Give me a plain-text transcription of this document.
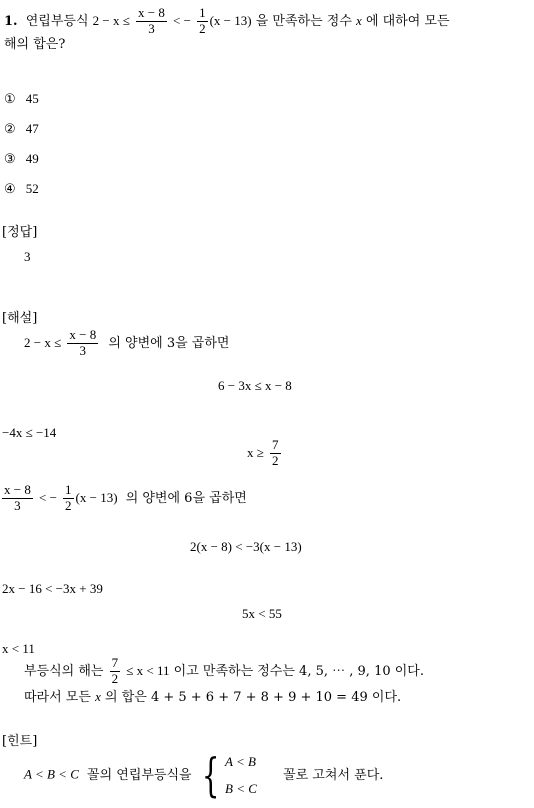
1. 연립부등식 $2 - x \le \frac{x - 8}{3}$ < − $\frac{1}{2} (x - 13)$ 을 만족하는 정수 x 에 대하여 모든
해의 합은?
① 45
② 47
③ 49
④ 52
[정답]
3
[해설]
$2 - x \le \frac{x - 8}{3}$ 의 양변에 3을 곱하면
6 − 3x ≤ x − 8
−4x ≤ −14
$x \ge \frac{7}{2}$
$\frac{x - 8}{3}$ < − $\frac{1}{2} (x - 13)$ 의 양변에 6을 곱하면
2(x − 8) < −3(x − 13)
2x − 16 < −3x + 39
5x < 55
x < 11
부등식의 해는 $\frac{7}{2} \le x < 11$ 이고 만족하는 정수는 4, 5, ⋯ , 9, 10 이다.
따라서 모든 x 의 합은 4 + 5 + 6 + 7 + 8 + 9 + 10 = 49 이다.
[힌트]
A < B < C 꼴의 연립부등식을 { A < B
B < C
꼴로 고쳐서 푼다.
